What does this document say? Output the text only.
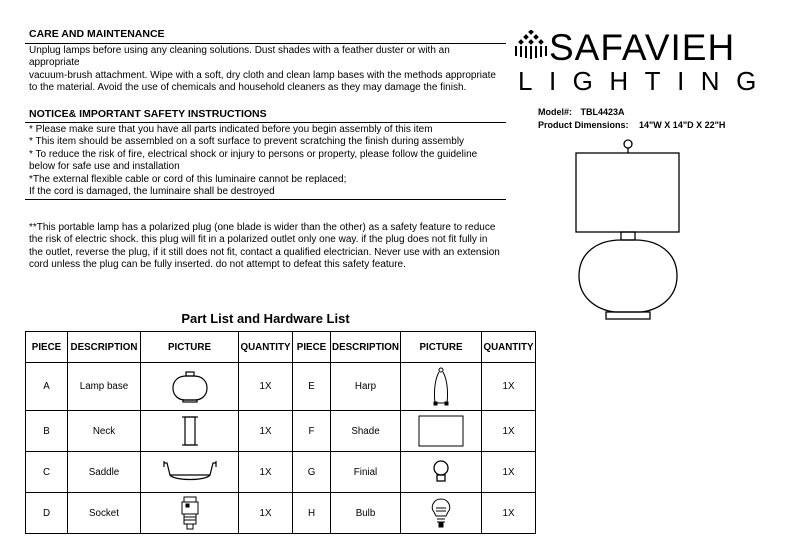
CARE AND MAINTENANCE
Unplug lamps before using any cleaning solutions. Dust shades with a feather duster or with an
appropriate
vacuum-brush attachment. Wipe with a soft, dry cloth and clean lamp bases with the methods appropriate
to the material. Avoid the use of chemicals and household cleaners as they may damage the finish.
NOTICE& IMPORTANT SAFETY INSTRUCTIONS
* Please make sure that you have all parts indicated before you begin assembly of this item
* This item should be assembled on a soft surface to prevent scratching the finish during assembly
* To reduce the risk of fire, electrical shock or injury to persons or property, please follow the guideline
below for safe use and installation
*The external flexible cable or cord of this luminaire cannot be replaced;
If the cord is damaged, the luminaire shall be destroyed
**This portable lamp has a polarized plug (one blade is wider than the other) as a safety feature to reduce
the risk of electric shock. this plug will fit in a polarized outlet only one way. if the plug does not fit fully in
the outlet, reverse the plug, if it still does not fit, contact a qualified electrician. Never use with an extension
cord unless the plug can be fully inserted. do not attempt to defeat this safety feature.
SAFAVIEH
LIGHTING
Model#: TBL4423A
Product Dimensions: 14"W X 14"D X 22"H
Part List and Hardware List
PIECE	DESCRIPTION	PICTURE	QUANTITY	PIECE	DESCRIPTION	PICTURE	QUANTITY
A	Lamp base		1X	E	Harp		1X
B	Neck		1X	F	Shade		1X
C	Saddle		1X	G	Finial		1X
D	Socket		1X	H	Bulb		1X
